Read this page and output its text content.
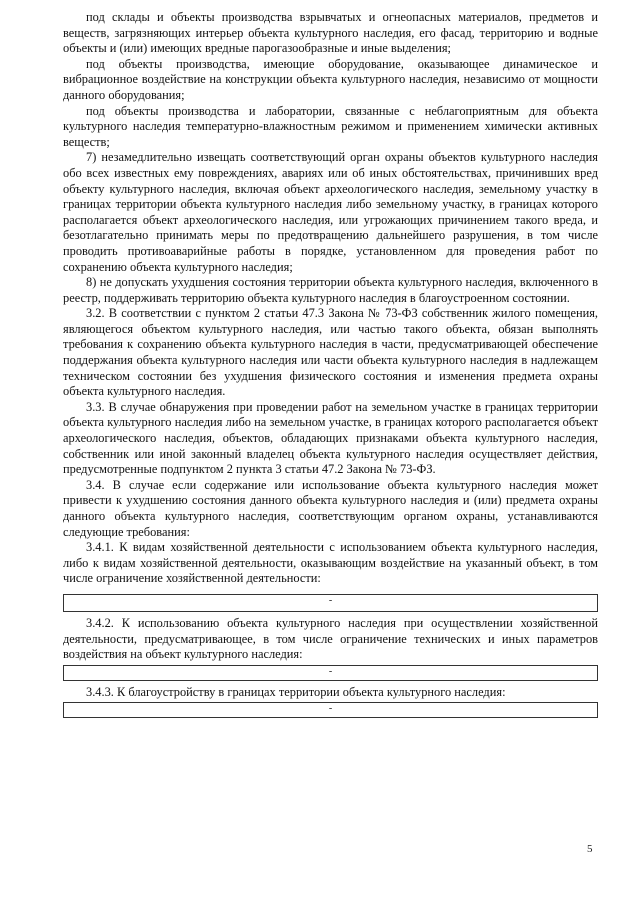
под склады и объекты производства взрывчатых и огнеопасных материалов, предметов и веществ, загрязняющих интерьер объекта культурного наследия, его фасад, территорию и водные объекты и (или) имеющих вредные парогазообразные и иные выделения;

под объекты производства, имеющие оборудование, оказывающее динамическое и вибрационное воздействие на конструкции объекта культурного наследия, независимо от мощности данного оборудования;

под объекты производства и лаборатории, связанные с неблагоприятным для объекта культурного наследия температурно-влажностным режимом и применением химически активных веществ;

7) незамедлительно извещать соответствующий орган охраны объектов культурного наследия обо всех известных ему повреждениях, авариях или об иных обстоятельствах, причинивших вред объекту культурного наследия, включая объект археологического наследия, земельному участку в границах территории объекта культурного наследия либо земельному участку, в границах которого располагается объект археологического наследия, или угрожающих причинением такого вреда, и безотлагательно принимать меры по предотвращению дальнейшего разрушения, в том числе проводить противоаварийные работы в порядке, установленном для проведения работ по сохранению объекта культурного наследия;

8) не допускать ухудшения состояния территории объекта культурного наследия, включенного в реестр, поддерживать территорию объекта культурного наследия в благоустроенном состоянии.

3.2. В соответствии с пунктом 2 статьи 47.3 Закона № 73-ФЗ собственник жилого помещения, являющегося объектом культурного наследия, или частью такого объекта, обязан выполнять требования к сохранению объекта культурного наследия в части, предусматривающей обеспечение поддержания объекта культурного наследия или части объекта культурного наследия в надлежащем техническом состоянии без ухудшения физического состояния и изменения предмета охраны объекта культурного наследия.

3.3. В случае обнаружения при проведении работ на земельном участке в границах территории объекта культурного наследия либо на земельном участке, в границах которого располагается объект археологического наследия, объектов, обладающих признаками объекта культурного наследия, собственник или иной законный владелец объекта культурного наследия осуществляет действия, предусмотренные подпунктом 2 пункта 3 статьи 47.2 Закона № 73-ФЗ.

3.4. В случае если содержание или использование объекта культурного наследия может привести к ухудшению состояния данного объекта культурного наследия и (или) предмета охраны данного объекта культурного наследия, соответствующим органом охраны, устанавливаются следующие требования:

3.4.1. К видам хозяйственной деятельности с использованием объекта культурного наследия, либо к видам хозяйственной деятельности, оказывающим воздействие на указанный объект, в том числе ограничение хозяйственной деятельности:

-

3.4.2. К использованию объекта культурного наследия при осуществлении хозяйственной деятельности, предусматривающее, в том числе ограничение технических и иных параметров воздействия на объект культурного наследия:

-

3.4.3. К благоустройству в границах территории объекта культурного наследия:

-
5
